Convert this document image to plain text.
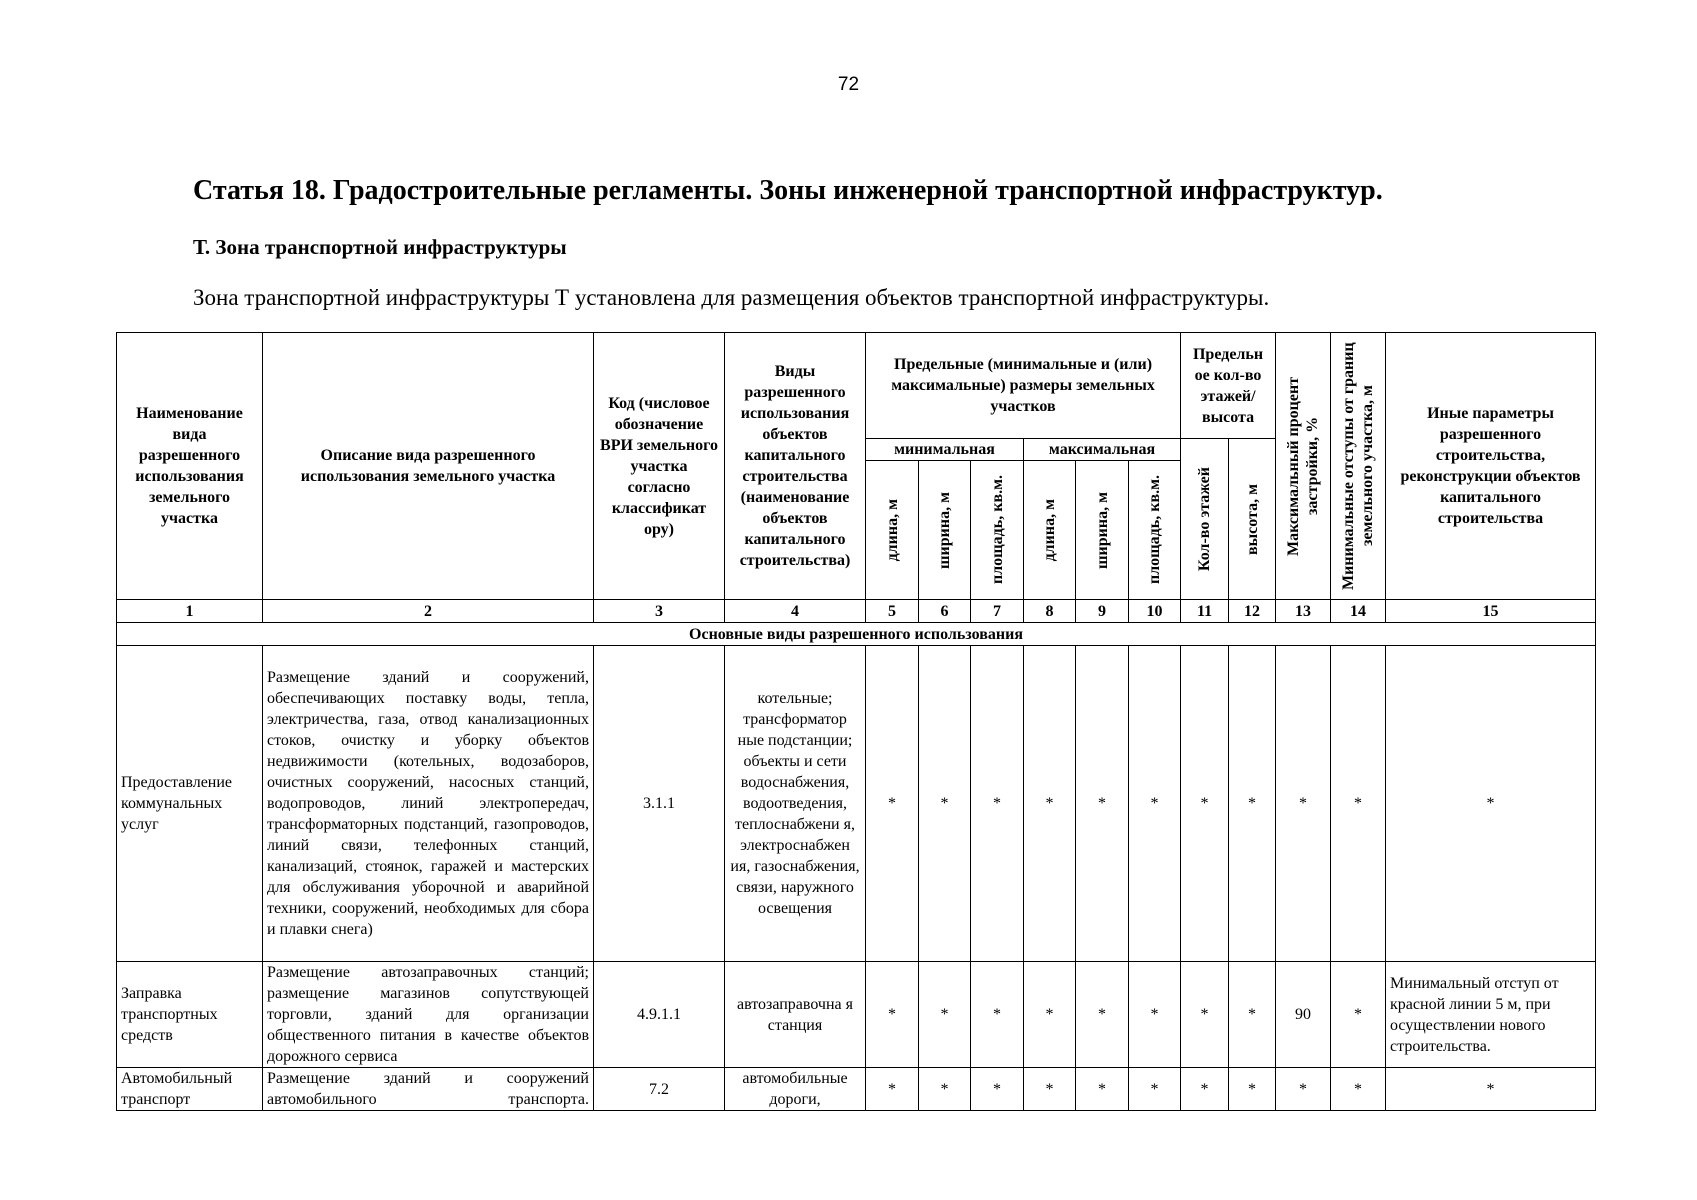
72
Статья 18. Градостроительные регламенты. Зоны инженерной транспортной инфраструктур.
Т. Зона транспортной инфраструктуры
Зона транспортной инфраструктуры Т установлена для размещения объектов транспортной инфраструктуры.
Наименование вида разрешенного использования земельного участка	Описание вида разрешенного использования земельного участка	Код (числовое обозначение ВРИ земельного участка согласно классификат ору)	Виды разрешенного использования объектов капитального строительства (наименование объектов капитального строительства)	Предельные (минимальные и (или) максимальные) размеры земельных участков						Предельн ое кол-во этажей/ высота		Максимальный процент застройки, %	Минимальные отступы от границ земельного участка, м	Иные параметры разрешенного строительства, реконструкции объектов капитального строительства
				минимальная			максимальная			Кол-во этажей	высота, м			

				длина, м	ширина, м	площадь, кв.м.	длина, м	ширина, м	площадь, кв.м.					

1	2	3	4	5	6	7	8	9	10	11	12	13	14	15
Основные виды разрешенного использования														
Предоставление коммунальных услуг	Размещение зданий и сооружений, обеспечивающих поставку воды, тепла, электричества, газа, отвод канализационных стоков, очистку и уборку объектов недвижимости (котельных, водозаборов, очистных сооружений, насосных станций, водопроводов, линий электропередач, трансформаторных подстанций, газопроводов, линий связи, телефонных станций, канализаций, стоянок, гаражей и мастерских для обслуживания уборочной и аварийной техники, сооружений, необходимых для сбора и плавки снега)	3.1.1	котельные; трансформатор ные подстанции; объекты и сети водоснабжения, водоотведения, теплоснабжени я, электроснабжен ия, газоснабжения, связи, наружного освещения	*	*	*	*	*	*	*	*	*	*	*
Заправка транспортных средств	Размещение автозаправочных станций; размещение магазинов сопутствующей торговли, зданий для организации общественного питания в качестве объектов дорожного сервиса	4.9.1.1	автозаправочна я станция	*	*	*	*	*	*	*	*	90	*	Минимальный отступ от красной линии 5 м, при осуществлении нового строительства.
Автомобильный транспорт	Размещение зданий и сооружений автомобильного транспорта.	7.2	автомобильные дороги,	*	*	*	*	*	*	*	*	*	*	*
